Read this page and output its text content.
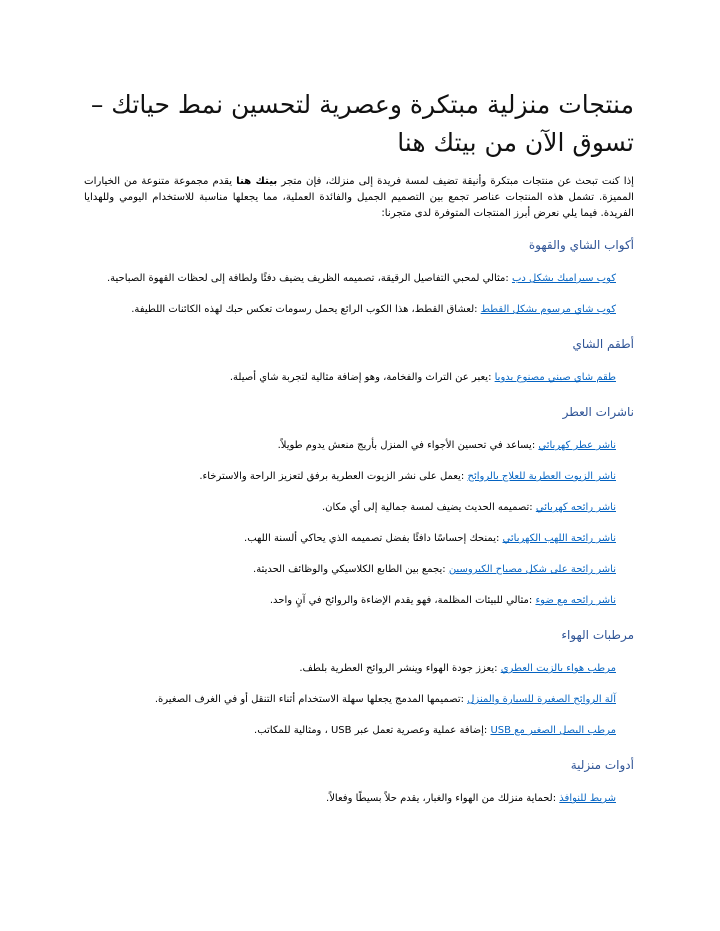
منتجات منزلية مبتكرة وعصرية لتحسين نمط حياتك – تسوق الآن من بيتك هنا

إذا كنت تبحث عن منتجات مبتكرة وأنيقة تضيف لمسة فريدة إلى منزلك، فإن متجر بيتك هنا يقدم مجموعة متنوعة من الخيارات المميزة. تشمل هذه المنتجات عناصر تجمع بين التصميم الجميل والفائدة العملية، مما يجعلها مناسبة للاستخدام اليومي وللهدايا الفريدة. فيما يلي نعرض أبرز المنتجات المتوفرة لدى متجرنا:

أكواب الشاي والقهوة
كوب سيراميك بشكل دب :مثالي لمحبي التفاصيل الرقيقة، تصميمه الظريف يضيف دفئًا ولطافة إلى لحظات القهوة الصباحية.
كوب شاي مرسوم بشكل القطط :لعشاق القطط، هذا الكوب الرائع يحمل رسومات تعكس حبك لهذه الكائنات اللطيفة.
أطقم الشاي
طقم شاي صيني مصنوع يدويا :يعبر عن التراث والفخامة، وهو إضافة مثالية لتجربة شاي أصيلة.
ناشرات العطر
ناشر عطر كهربائي :يساعد في تحسين الأجواء في المنزل بأريج منعش يدوم طويلاً.
ناشر الزيوت العطرية للعلاج بالروائح :يعمل على نشر الزيوت العطرية برفق لتعزيز الراحة والاسترخاء.
ناشر رائحه كهربائي :تصميمه الحديث يضيف لمسة جمالية إلى أي مكان.
ناشر رائحة اللهب الكهربائي :يمنحك إحساسًا دافئًا بفضل تصميمه الذي يحاكي ألسنة اللهب.
ناشر رائحة على شكل مصباح الكيروسين :يجمع بين الطابع الكلاسيكي والوظائف الحديثة.
ناشر رائحه مع ضوء :مثالي للبيئات المظلمة، فهو يقدم الإضاءة والروائح في آنٍ واحد.
مرطبات الهواء
مرطب هواء بالزيت العطري :يعزز جودة الهواء وينشر الروائح العطرية بلطف.
آلة الروائح الصغيرة للسيارة والمنزل :تصميمها المدمج يجعلها سهلة الاستخدام أثناء التنقل أو في الغرف الصغيرة.
مرطب البصل الصغير مع USB :إضافة عملية وعصرية تعمل عبر USB ، ومثالية للمكاتب.
أدوات منزلية
شريط للنوافذ :لحماية منزلك من الهواء والغبار، يقدم حلاً بسيطًا وفعالاً.
